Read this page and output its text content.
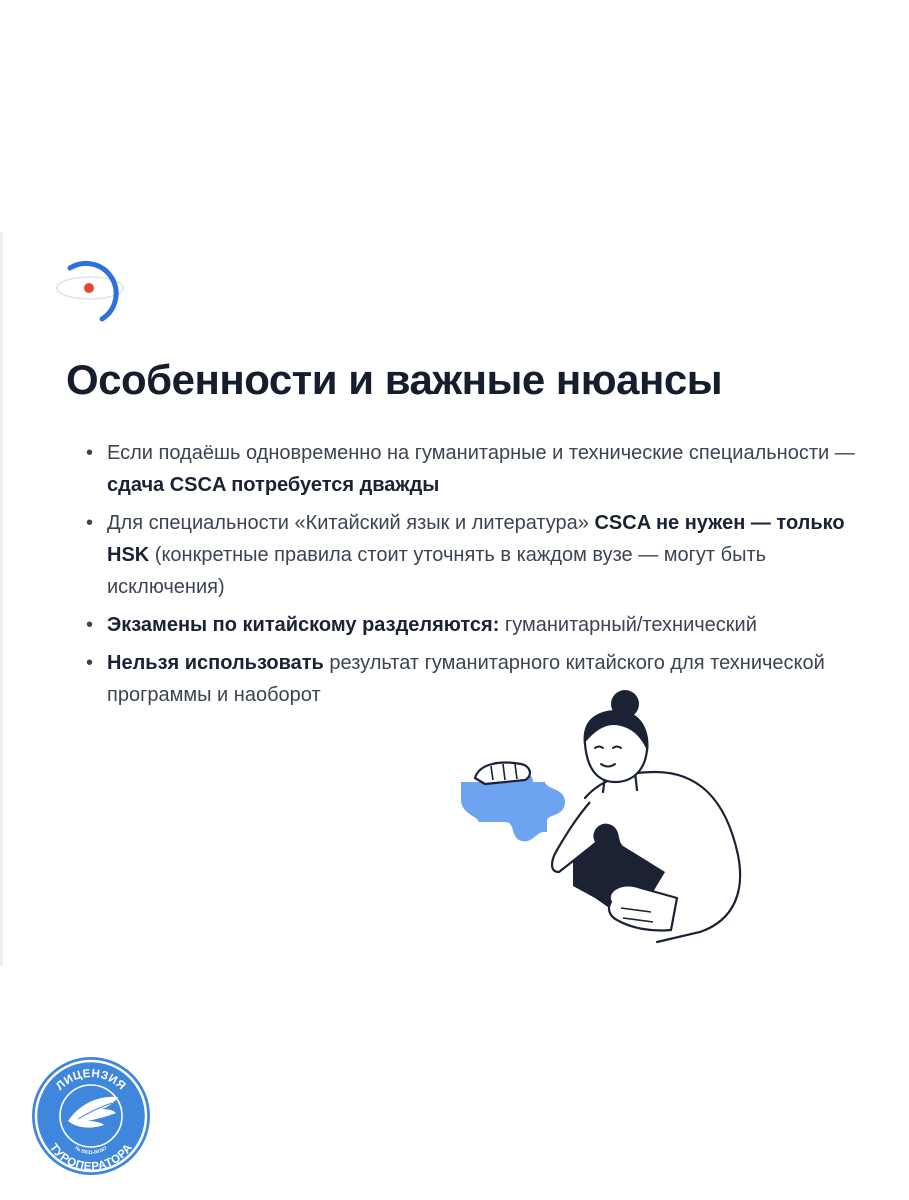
Особенности и важные нюансы
• Если подаёшь одновременно на гуманитарные и технические специальности — сдача CSCA потребуется дважды
• Для специальности «Китайский язык и литература» CSCA не нужен — только HSK (конкретные правила стоит уточнять в каждом вузе — могут быть исключения)
• Экзамены по китайскому разделяются: гуманитарный/технический
• Нельзя использовать результат гуманитарного китайского для технической программы и наоборот
ЛИЦЕНЗИЯ
ТУРОПЕРАТОРА
№ В031-00167
